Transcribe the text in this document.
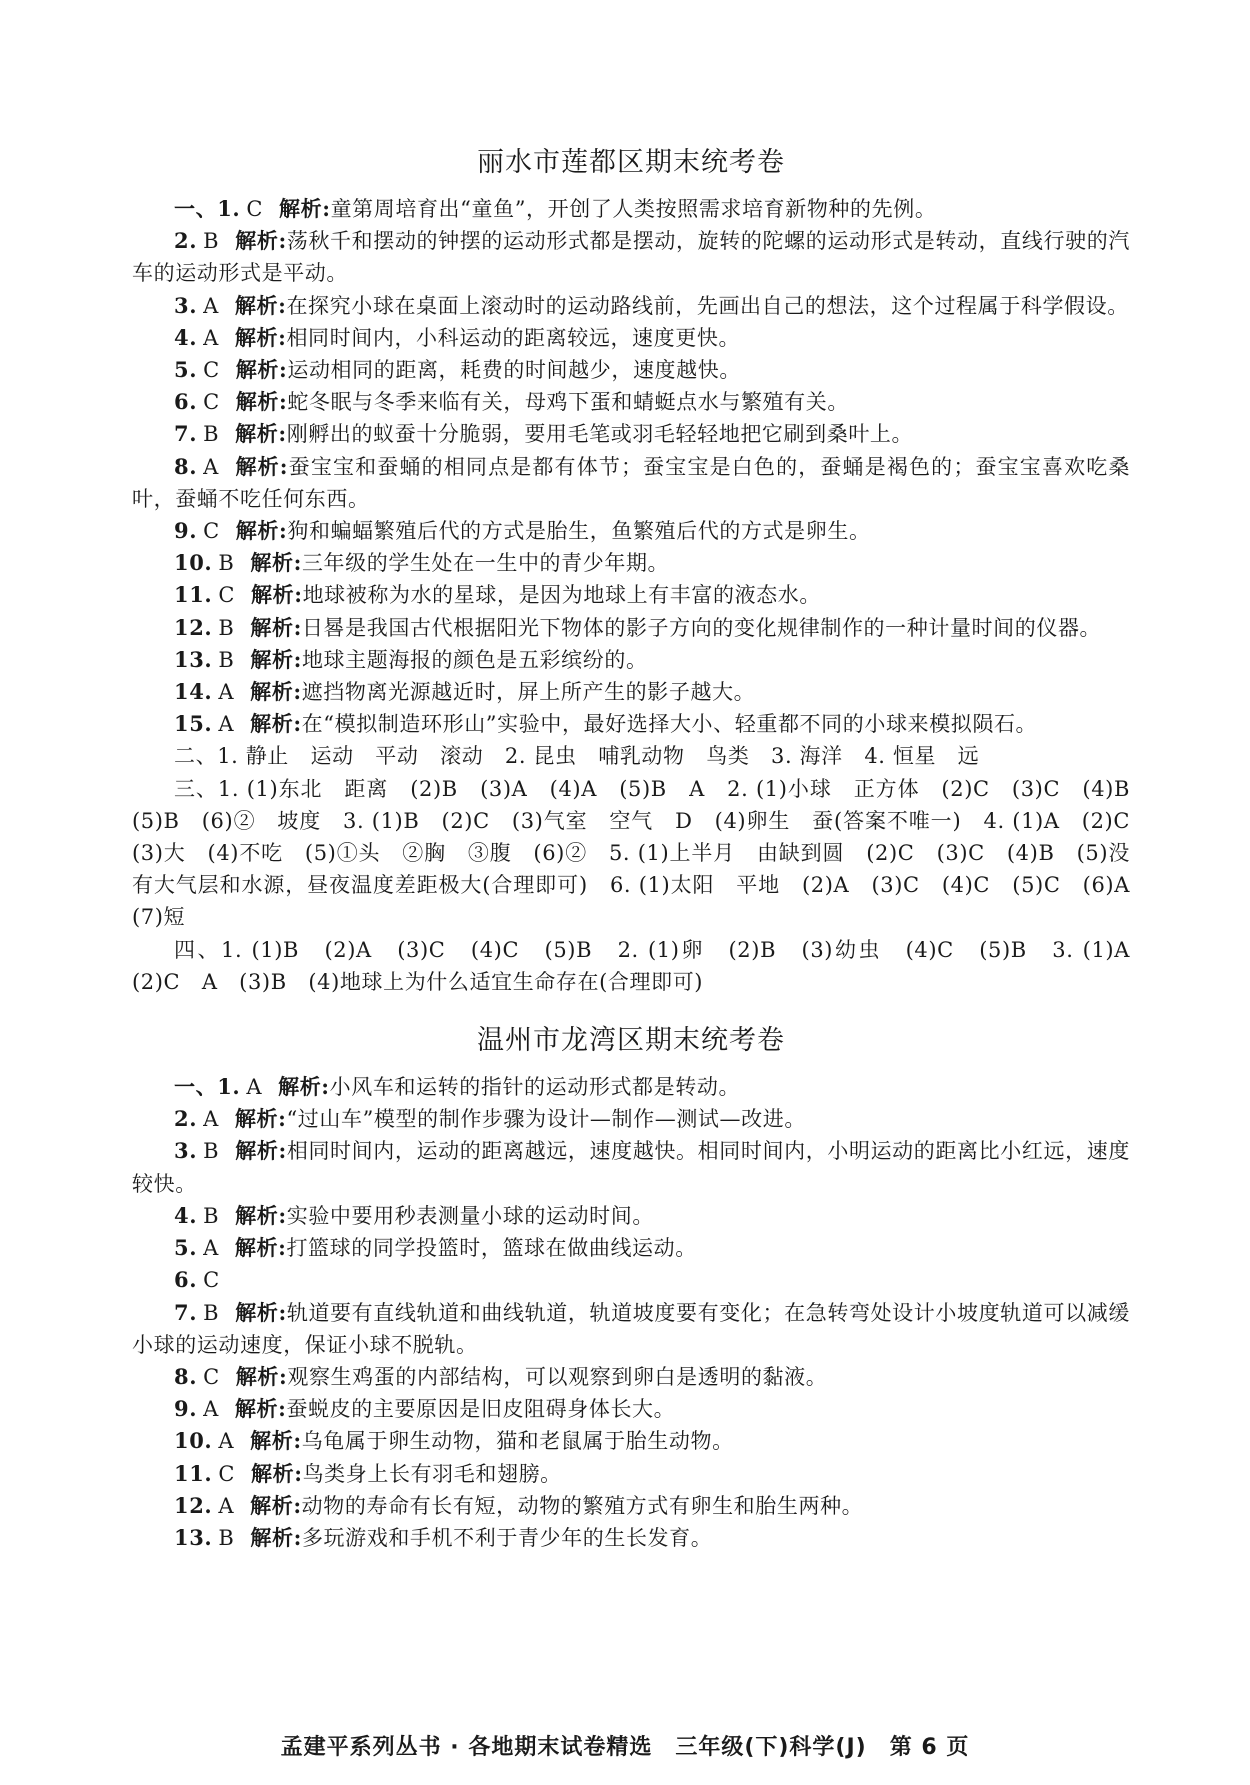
丽水市莲都区期末统考卷

一、1. C 解析:童第周培育出“童鱼”，开创了人类按照需求培育新物种的先例。

2. B 解析:荡秋千和摆动的钟摆的运动形式都是摆动，旋转的陀螺的运动形式是转动，直线行驶的汽车的运动形式是平动。

3. A 解析:在探究小球在桌面上滚动时的运动路线前，先画出自己的想法，这个过程属于科学假设。

4. A 解析:相同时间内，小科运动的距离较远，速度更快。

5. C 解析:运动相同的距离，耗费的时间越少，速度越快。

6. C 解析:蛇冬眠与冬季来临有关，母鸡下蛋和蜻蜓点水与繁殖有关。

7. B 解析:刚孵出的蚁蚕十分脆弱，要用毛笔或羽毛轻轻地把它刷到桑叶上。

8. A 解析:蚕宝宝和蚕蛹的相同点是都有体节；蚕宝宝是白色的，蚕蛹是褐色的；蚕宝宝喜欢吃桑叶，蚕蛹不吃任何东西。

9. C 解析:狗和蝙蝠繁殖后代的方式是胎生，鱼繁殖后代的方式是卵生。

10. B 解析:三年级的学生处在一生中的青少年期。

11. C 解析:地球被称为水的星球，是因为地球上有丰富的液态水。

12. B 解析:日晷是我国古代根据阳光下物体的影子方向的变化规律制作的一种计量时间的仪器。

13. B 解析:地球主题海报的颜色是五彩缤纷的。

14. A 解析:遮挡物离光源越近时，屏上所产生的影子越大。

15. A 解析:在“模拟制造环形山”实验中，最好选择大小、轻重都不同的小球来模拟陨石。

二、1. 静止　运动　平动　滚动　2. 昆虫　哺乳动物　鸟类　3. 海洋　4. 恒星　远

三、1. (1)东北　距离　(2)B　(3)A　(4)A　(5)B　A　2. (1)小球　正方体　(2)C　(3)C　(4)B　(5)B　(6)②　坡度　3. (1)B　(2)C　(3)气室　空气　D　(4)卵生　蚕(答案不唯一)　4. (1)A　(2)C　(3)大　(4)不吃　(5)①头　②胸　③腹　(6)②　5. (1)上半月　由缺到圆　(2)C　(3)C　(4)B　(5)没有大气层和水源，昼夜温度差距极大(合理即可)　6. (1)太阳　平地　(2)A　(3)C　(4)C　(5)C　(6)A　(7)短

四、1. (1)B　(2)A　(3)C　(4)C　(5)B　2. (1)卵　(2)B　(3)幼虫　(4)C　(5)B　3. (1)A　(2)C　A　(3)B　(4)地球上为什么适宜生命存在(合理即可)

温州市龙湾区期末统考卷

一、1. A 解析:小风车和运转的指针的运动形式都是转动。

2. A 解析:“过山车”模型的制作步骤为设计—制作—测试—改进。

3. B 解析:相同时间内，运动的距离越远，速度越快。相同时间内，小明运动的距离比小红远，速度较快。

4. B 解析:实验中要用秒表测量小球的运动时间。

5. A 解析:打篮球的同学投篮时，篮球在做曲线运动。

6. C

7. B 解析:轨道要有直线轨道和曲线轨道，轨道坡度要有变化；在急转弯处设计小坡度轨道可以减缓小球的运动速度，保证小球不脱轨。

8. C 解析:观察生鸡蛋的内部结构，可以观察到卵白是透明的黏液。

9. A 解析:蚕蜕皮的主要原因是旧皮阻碍身体长大。

10. A 解析:乌龟属于卵生动物，猫和老鼠属于胎生动物。

11. C 解析:鸟类身上长有羽毛和翅膀。

12. A 解析:动物的寿命有长有短，动物的繁殖方式有卵生和胎生两种。

13. B 解析:多玩游戏和手机不利于青少年的生长发育。

孟建平系列丛书 · 各地期末试卷精选　三年级(下)科学(J)　第 6 页
